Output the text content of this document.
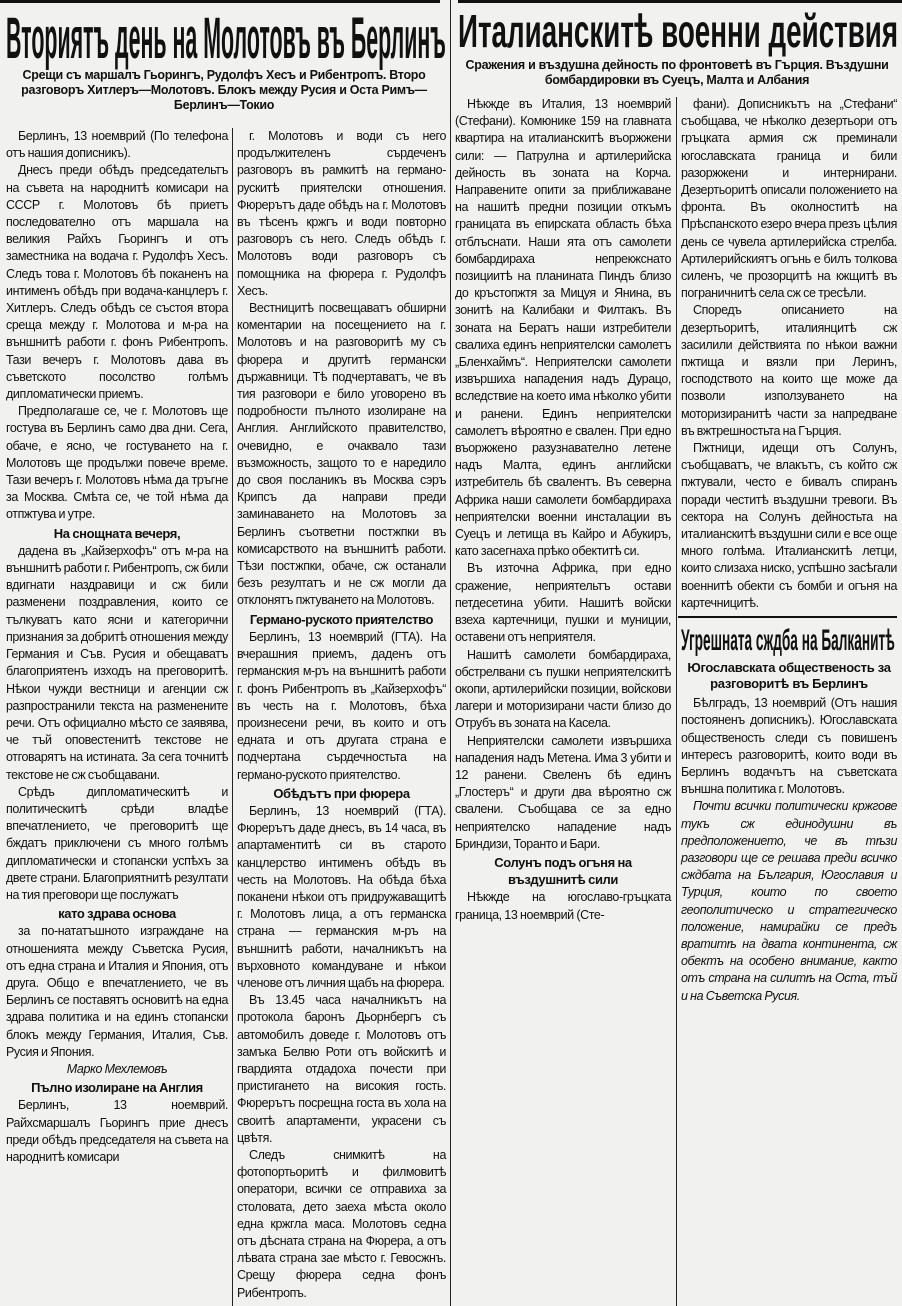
Вториятъ день на Молотовъ въ Берлинъ
Срещи съ маршалъ Гьорингъ, Рудолфъ Хесъ и Рибентропъ. Второ разговоръ Хитлеръ—Молотовъ. Блокъ между Русия и Оста Римъ—Берлинъ—Токио

Берлинъ, 13 ноемврий (По телефона отъ нашия дописникъ).

Днесъ преди обѣдъ председательтъ на съвета на народнитѣ комисари на СССР г. Молотовъ бѣ приетъ последователно отъ маршала на великия Райхъ Гьорингъ и отъ заместника на водача г. Рудолфъ Хесъ. Следъ това г. Молотовъ бѣ поканенъ на интименъ обѣдъ при водача-канцлеръ г. Хитлеръ. Следъ обѣдъ се състоя втора среща между г. Молотова и м-ра на външнитѣ работи г. фонъ Рибентропъ. Тази вечеръ г. Молотовъ дава въ съветското посолство голѣмъ дипломатически приемъ.

Предполагаше се, че г. Молотовъ ще гостува въ Берлинъ само два дни. Сега, обаче, е ясно, че гостуването на г. Молотовъ ще продължи повече време. Тази вечеръ г. Молотовъ нѣма да тръгне за Москва. Смѣта се, че той нѣма да отпжтува и утре.

На снощната вечеря,

дадена въ „Кайзерхофъ“ отъ м-ра на външнитѣ работи г. Рибентропъ, сж били вдигнати наздравици и сж били разменени поздравления, които се тълкуватъ като ясни и категорични признания за добритѣ отношения между Германия и Съв. Русия и обещаватъ благоприятенъ изходъ на преговоритѣ. Нѣкои чужди вестници и агенции сж разпространили текста на разменените речи. Отъ официално мѣсто се заявява, че тъй оповестенитѣ текстове не отговарятъ на истината. За сега точнитѣ текстове не сж съобщавани.

Срѣдъ дипломатическитѣ и политическитѣ срѣди владѣе впечатлението, че преговоритѣ ще бждатъ приключени съ много голѣмъ дипломатически и стопански успѣхъ за двете страни. Благоприятнитѣ резултати на тия преговори ще послужатъ

като здрава основа

за по-нататъшното изграждане на отношенията между Съветска Русия, отъ една страна и Италия и Япония, отъ друга. Общо е впечатлението, че въ Берлинъ се поставятъ основитѣ на една здрава политика и на единъ стопански блокъ между Германия, Италия, Съв. Русия и Япония.

Марко Мехлемовъ

Пълно изолиране на Англия

Берлинъ, 13 ноемврий. Райхсмаршалъ Гьорингъ прие днесъ преди обѣдъ председателя на съвета на народнитѣ комисари

г. Молотовъ и води съ него продължителенъ сърдеченъ разговоръ въ рамкитѣ на германо-рускитѣ приятелски отношения. Фюрерътъ даде обѣдъ на г. Молотовъ въ тѣсенъ кржгъ и води повторно разговоръ съ него. Следъ обѣдъ г. Молотовъ води разговоръ съ помощника на фюрера г. Рудолфъ Хесъ.

Вестницитѣ посвещаватъ обширни коментарии на посещението на г. Молотовъ и на разговоритѣ му съ фюрера и другитѣ германски държавници. Тѣ подчертаватъ, че въ тия разговори е било уговорено въ подробности пълното изолиране на Англия. Английското правителство, очевидно, е очаквало тази възможность, защото то е наредило до своя посланикъ въ Москва сэръ Крипсъ да направи преди заминаването на Молотовъ за Берлинъ съответни постжпки въ комисарството на външнитѣ работи. Тѣзи постжпки, обаче, сж останали безъ резултатъ и не сж могли да отклонятъ пжтуването на Молотовъ.

Германо-руското приятелство

Берлинъ, 13 ноемврий (ГТА). На вчерашния приемъ, даденъ отъ германския м-ръ на външнитѣ работи г. фонъ Рибентропъ въ „Кайзерхофъ“ въ честь на г. Молотовъ, бѣха произнесени речи, въ които и отъ едната и отъ другата страна е подчертана сърдечностьта на германо-руското приятелство.

Обѣдътъ при фюрера

Берлинъ, 13 ноемврий (ГТА). Фюрерътъ даде днесъ, въ 14 часа, въ апартаментитѣ си въ старото канцлерство интименъ обѣдъ въ честь на Молотовъ. На обѣда бѣха поканени нѣкои отъ придружаващитѣ г. Молотовъ лица, а отъ германска страна — германския м-ръ на външнитѣ работи, началникътъ на върховното командуване и нѣкои членове отъ личния щабъ на фюрера.

Въ 13.45 часа началникътъ на протокола баронъ Дьорнбергъ съ автомобилъ доведе г. Молотовъ отъ замъка Белвю Роти отъ войскитѣ и гвардията отдадоха почести при пристигането на високия гость. Фюрерътъ посрещна госта въ хола на своитѣ апартаменти, украсени съ цвѣтя.

Следъ снимкитѣ на фотопортьоритѣ и филмовитѣ оператори, всички се отправиха за столовата, дето заеха мѣста около една кржгла маса. Молотовъ седна отъ дѣсната страна на Фюрера, а отъ лѣвата страна зае мѣсто г. Гевосжнъ. Срещу фюрера седна фонъ Рибентропъ.

Италианскитѣ военни действия
Сражения и въздушна дейность по фронтоветѣ въ Гърция. Въздушни бомбардировки въ Суецъ, Малта и Албания

Нѣкжде въ Италия, 13 ноемврий (Стефани). Комюнике 159 на главната квартира на италианскитѣ въоржжени сили: — Патрулна и артилерийска дейность въ зоната на Корча. Направените опити за приближаване на нашитѣ предни позиции откъмъ границата въ епирската область бѣха отблъснати. Наши ята отъ самолети бомбардираха непрекжснато позициитѣ на планината Пиндъ близо до кръстопжтя за Мицуя и Янина, въ зонитѣ на Калибаки и Филтакъ. Въ зоната на Бератъ наши изтребители свалиха единъ неприятелски самолетъ „Бленхаймъ“. Неприятелски самолети извършиха нападения надъ Дурацо, вследствие на което има нѣколко убити и ранени. Единъ неприятелски самолетъ вѣроятно е свален. При едно въоржжено разузнавателно летене надъ Малта, единъ английски изтребитель бѣ свалентъ. Въ северна Африка наши самолети бомбардираха неприятелски военни инсталации въ Суецъ и летища въ Кайро и Абукиръ, като засегнаха прѣко обектитѣ си.

Въ източна Африка, при едно сражение, неприятельтъ остави петдесетина убити. Нашитѣ войски взеха картечници, пушки и муниции, оставени отъ неприятеля.

Нашитѣ самолети бомбардираха, обстрелвани съ пушки неприятелскитѣ окопи, артилерийски позиции, войскови лагери и моторизирани части близо до Отрубъ въ зоната на Касела.

Неприятелски самолети извършиха нападения надъ Метена. Има 3 убити и 12 ранени. Свеленъ бѣ единъ „Глостеръ“ и други два вѣроятно сж свалени. Съобщава се за едно неприятелско нападение надъ Бриндизи, Торанто и Бари.

Солунъ подъ огъня на въздушнитѣ сили

Нѣкжде на югославо-гръцката граница, 13 ноемврий (Сте-

фани). Дописникътъ на „Стефани“ съобщава, че нѣколко дезертьори отъ гръцката армия сж преминали югославската граница и били разоржжени и интернирани. Дезертьоритѣ описали положението на фронта. Въ околноститѣ на Прѣспанското езеро вчера презъ цѣлия день се чувела артилерийска стрелба. Артилерийскиятъ огънь е билъ толкова силенъ, че прозорцитѣ на кжщитѣ въ пограничнитѣ села сж се тресѣли.

Споредъ описанието на дезертьоритѣ, италиянцитѣ сж засилили действията по нѣкои важни пжтища и вязли при Леринъ, господството на които ще може да позволи използуването на моторизиранитѣ части за напредване въ вжтрешностьта на Гърция.

Пжтници, идещи отъ Солунъ, съобщаватъ, че влакътъ, съ който сж пжтували, често е бивалъ спиранъ поради честитѣ въздушни тревоги. Въ сектора на Солунъ дейностьта на италианскитѣ въздушни сили е все още много голѣма. Италианскитѣ летци, които слизаха ниско, успѣшно засѣгали военнитѣ обекти съ бомби и огъня на картечницитѣ.

Угрешната сждба на Балканитѣ
Югославската общественость за разговоритѣ въ Берлинъ

Бѣлградъ, 13 ноемврий (Отъ нашия постояненъ дописникъ). Югославската общественость следи съ повишенъ интересъ разговоритѣ, които води въ Берлинъ водачътъ на съветската външна политика г. Молотовъ.

Почти всички политически кржгове тукъ сж единодушни въ предположението, че въ тѣзи разговори ще се решава преди всичко сждбата на България, Югославия и Турция, които по своето геополитическо и стратегическо положение, намирайки се предъ вратитѣ на двата континента, сж обектъ на особено внимание, както отъ страна на силитѣ на Оста, тъй и на Съветска Русия.
